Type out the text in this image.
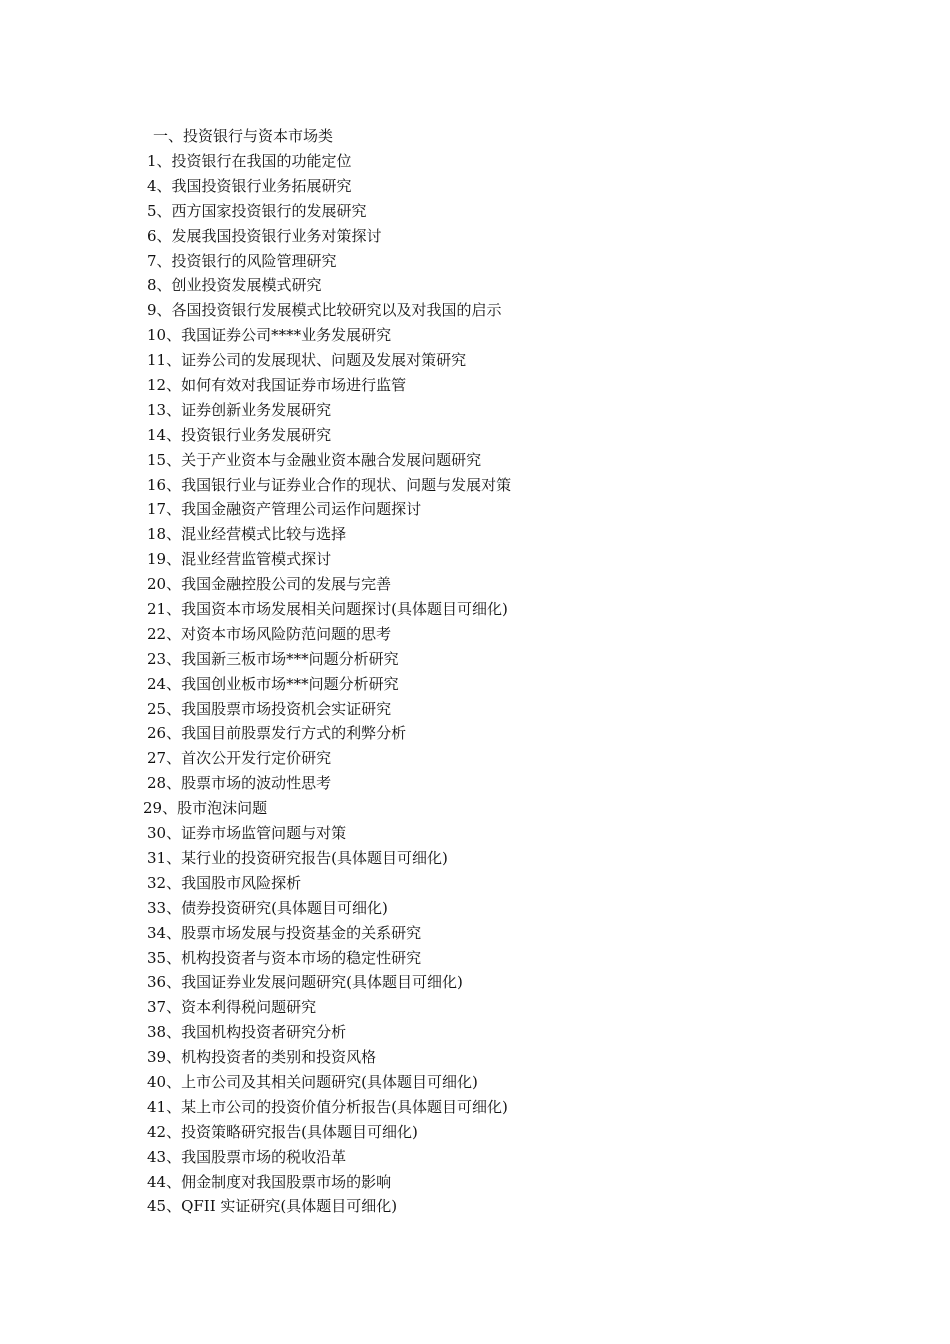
一、投资银行与资本市场类
1、投资银行在我国的功能定位
4、我国投资银行业务拓展研究
5、西方国家投资银行的发展研究
6、发展我国投资银行业务对策探讨
7、投资银行的风险管理研究
8、创业投资发展模式研究
9、各国投资银行发展模式比较研究以及对我国的启示
10、我国证券公司****业务发展研究
11、证券公司的发展现状、问题及发展对策研究
12、如何有效对我国证券市场进行监管
13、证券创新业务发展研究
14、投资银行业务发展研究
15、关于产业资本与金融业资本融合发展问题研究
16、我国银行业与证券业合作的现状、问题与发展对策
17、我国金融资产管理公司运作问题探讨
18、混业经营模式比较与选择
19、混业经营监管模式探讨
20、我国金融控股公司的发展与完善
21、我国资本市场发展相关问题探讨(具体题目可细化)
22、对资本市场风险防范问题的思考
23、我国新三板市场***问题分析研究
24、我国创业板市场***问题分析研究
25、我国股票市场投资机会实证研究
26、我国目前股票发行方式的利弊分析
27、首次公开发行定价研究
28、股票市场的波动性思考
29、股市泡沫问题
30、证券市场监管问题与对策
31、某行业的投资研究报告(具体题目可细化)
32、我国股市风险探析
33、债券投资研究(具体题目可细化)
34、股票市场发展与投资基金的关系研究
35、机构投资者与资本市场的稳定性研究
36、我国证券业发展问题研究(具体题目可细化)
37、资本利得税问题研究
38、我国机构投资者研究分析
39、机构投资者的类别和投资风格
40、上市公司及其相关问题研究(具体题目可细化)
41、某上市公司的投资价值分析报告(具体题目可细化)
42、投资策略研究报告(具体题目可细化)
43、我国股票市场的税收沿革
44、佣金制度对我国股票市场的影响
45、QFII 实证研究(具体题目可细化)
